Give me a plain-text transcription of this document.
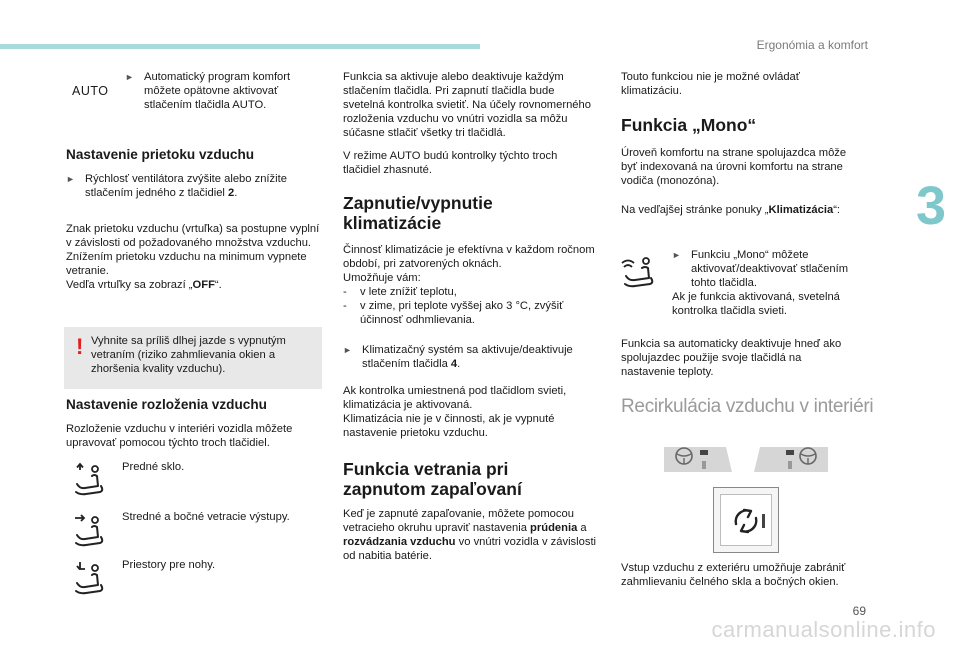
Ergonómia a komfort
3
69
carmanualsonline.info
AUTO
► Automatický program komfort môžete opätovne aktivovať stlačením tlačidla AUTO.
Nastavenie prietoku vzduchu
► Rýchlosť ventilátora zvýšite alebo znížite stlačením jedného z tlačidiel 2.
Znak prietoku vzduchu (vrtuľka) sa postupne vyplní v závislosti od požadovaného množstva vzduchu.
Znížením prietoku vzduchu na minimum vypnete vetranie.
Vedľa vrtuľky sa zobrazí „OFF“.
! Vyhnite sa príliš dlhej jazde s vypnutým vetraním (riziko zahmlievania okien a zhoršenia kvality vzduchu).
Nastavenie rozloženia vzduchu
Rozloženie vzduchu v interiéri vozidla môžete upravovať pomocou týchto troch tlačidiel.
Predné sklo.
Stredné a bočné vetracie výstupy.
Priestory pre nohy.
Funkcia sa aktivuje alebo deaktivuje každým stlačením tlačidla. Pri zapnutí tlačidla bude svetelná kontrolka svietiť. Na účely rovnomerného rozloženia vzduchu vo vnútri vozidla sa môžu súčasne stlačiť všetky tri tlačidlá.
V režime AUTO budú kontrolky týchto troch tlačidiel zhasnuté.
Zapnutie/vypnutie
klimatizácie
Činnosť klimatizácie je efektívna v každom ročnom období, pri zatvorených oknách.
Umožňuje vám:
-	v lete znížiť teplotu,
-	v zime, pri teplote vyššej ako 3 °C, zvýšiť účinnosť odhmlievania.
► Klimatizačný systém sa aktivuje/deaktivuje stlačením tlačidla 4.
Ak kontrolka umiestnená pod tlačidlom svieti, klimatizácia je aktivovaná.
Klimatizácia nie je v činnosti, ak je vypnuté nastavenie prietoku vzduchu.
Funkcia vetrania pri
zapnutom zapaľovaní
Keď je zapnuté zapaľovanie, môžete pomocou vetracieho okruhu upraviť nastavenia prúdenia a rozvádzania vzduchu vo vnútri vozidla v závislosti od nabitia batérie.
Touto funkciou nie je možné ovládať klimatizáciu.
Funkcia „Mono“
Úroveň komfortu na strane spolujazdca môže byť indexovaná na úrovni komfortu na strane vodiča (monozóna).
Na vedľajšej stránke ponuky „Klimatizácia“:
► Funkciu „Mono“ môžete aktivovať/deaktivovať stlačením tohto tlačidla.
Ak je funkcia aktivovaná, svetelná kontrolka tlačidla svieti.
Funkcia sa automaticky deaktivuje hneď ako spolujazdec použije svoje tlačidlá na nastavenie teploty.
Recirkulácia vzduchu v interiéri
Vstup vzduchu z exteriéru umožňuje zabrániť zahmlievaniu čelného skla a bočných okien.
